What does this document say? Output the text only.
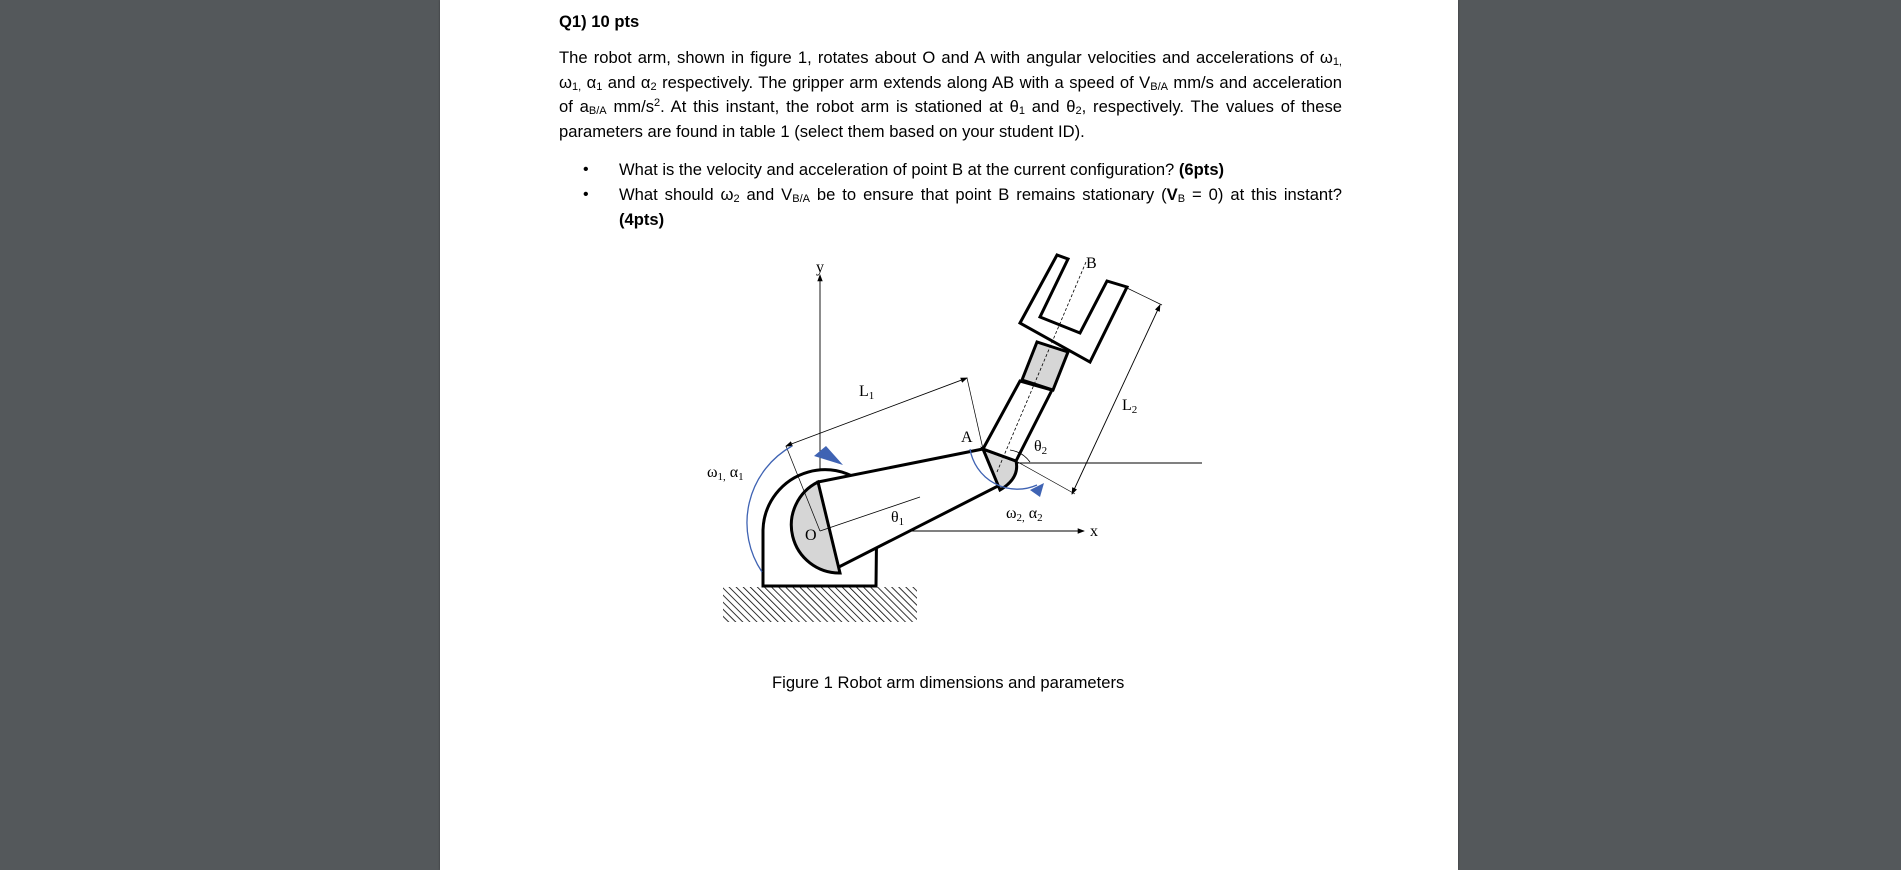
Q1) 10 pts
The robot arm, shown in figure 1, rotates about O and A with angular velocities and accelerations of ω1,
ω1, α1 and α2 respectively. The gripper arm extends along AB with a speed of VB/A mm/s and acceleration
of aB/A $mm/s^2$. At this instant, the robot arm is stationed at θ1 and θ2, respectively. The values of these
parameters are found in table 1 (select them based on your student ID).
• What is the velocity and acceleration of point B at the current configuration? (6pts)
• What should ω2 and VB/A be to ensure that point B remains stationary (VB = 0) at this instant?
(4pts)
y
x
B
A
O
L1
L2
θ1
θ2
ω1, α1
ω2, α2
Figure 1 Robot arm dimensions and parameters
